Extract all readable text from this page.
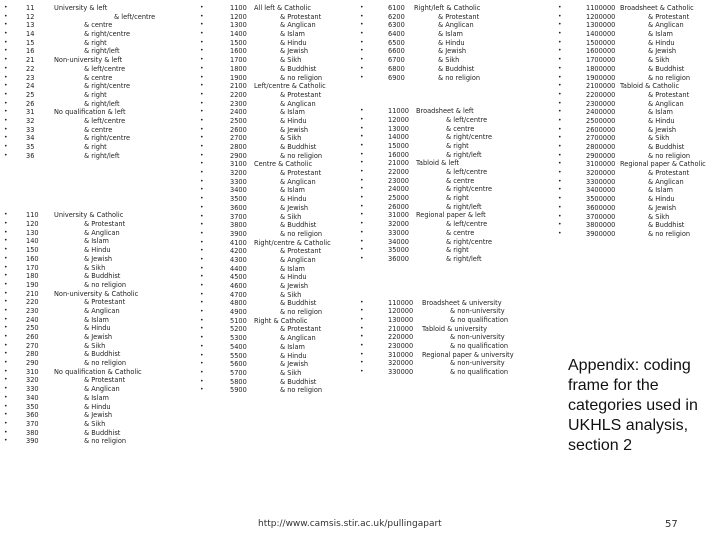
•	11	University & left
•	12	& left/centre
•	13	& centre
•	14	& right/centre
•	15	& right
•	16	& right/left
•	21	Non-university & left
•	22	& left/centre
•	23	& centre
•	24	& right/centre
•	25	& right
•	26	& right/left
•	31	No qualification & left
•	32	& left/centre
•	33	& centre
•	34	& right/centre
•	35	& right
•	36	& right/left
•	110 University & Catholic
•	120	& Protestant
•	130	& Anglican
•	140	& Islam
•	150	& Hindu
•	160	& Jewish
•	170	& Sikh
•	180	& Buddhist
•	190	& no religion
•	210 Non-university & Catholic
•	220	& Protestant
•	230	& Anglican
•	240	& Islam
•	250	& Hindu
•	260	& Jewish
•	270	& Sikh
•	280	& Buddhist
•	290	& no religion
•	310 No qualification & Catholic
•	320	& Protestant
•	330	& Anglican
•	340	& Islam
•	350	& Hindu
•	360	& Jewish
•	370	& Sikh
•	380	& Buddhist
•	390	& no religion
•	1100 All left & Catholic
•	1200	& Protestant
•	1300	& Anglican
•	1400	& Islam
•	1500	& Hindu
•	1600	& Jewish
•	1700	& Sikh
•	1800	& Buddhist
•	1900	& no religion
•	2100 Left/centre & Catholic
•	2200	& Protestant
•	2300	& Anglican
•	2400	& Islam
•	2500	& Hindu
•	2600	& Jewish
•	2700	& Sikh
•	2800	& Buddhist
•	2900	& no religion
•	3100 Centre & Catholic
•	3200	& Protestant
•	3300	& Anglican
•	3400	& Islam
•	3500	& Hindu
•	3600	& Jewish
•	3700	& Sikh
•	3800	& Buddhist
•	3900	& no religion
•	4100 Right/centre & Catholic
•	4200	& Protestant
•	4300	& Anglican
•	4400	& Islam
•	4500	& Hindu
•	4600	& Jewish
•	4700	& Sikh
•	4800	& Buddhist
•	4900	& no religion
•	5100 Right & Catholic
•	5200	& Protestant
•	5300	& Anglican
•	5400	& Islam
•	5500	& Hindu
•	5600	& Jewish
•	5700	& Sikh
•	5800	& Buddhist
•	5900	& no religion
•	6100 Right/left & Catholic
•	6200	& Protestant
•	6300	& Anglican
•	6400	& Islam
•	6500	& Hindu
•	6600	& Jewish
•	6700	& Sikh
•	6800	& Buddhist
•	6900	& no religion
•	11000 Broadsheet & left
•	12000	& left/centre
•	13000	& centre
•	14000	& right/centre
•	15000	& right
•	16000	& right/left
•	21000 Tabloid & left
•	22000	& left/centre
•	23000	& centre
•	24000	& right/centre
•	25000	& right
•	26000	& right/left
•	31000 Regional paper & left
•	32000	& left/centre
•	33000	& centre
•	34000	& right/centre
•	35000	& right
•	36000	& right/left
•	110000 Broadsheet & university
•	120000	& non-university
•	130000	& no qualification
•	210000 Tabloid & university
•	220000	& non-university
•	230000	& no qualification
•	310000 Regional paper & university
•	320000	& non-university
•	330000	& no qualification
•	1100000 Broadsheet & Catholic
•	1200000	& Protestant
•	1300000	& Anglican
•	1400000	& Islam
•	1500000	& Hindu
•	1600000	& Jewish
•	1700000	& Sikh
•	1800000	& Buddhist
•	1900000	& no religion
•	2100000 Tabloid & Catholic
•	2200000	& Protestant
•	2300000	& Anglican
•	2400000	& Islam
•	2500000	& Hindu
•	2600000	& Jewish
•	2700000	& Sikh
•	2800000	& Buddhist
•	2900000	& no religion
•	3100000 Regional paper & Catholic
•	3200000	& Protestant
•	3300000	& Anglican
•	3400000	& Islam
•	3500000	& Hindu
•	3600000	& Jewish
•	3700000	& Sikh
•	3800000	& Buddhist
•	3900000	& no religion
Appendix: coding frame for the categories used in UKHLS analysis, section 2
http://www.camsis.stir.ac.uk/pullingapart	57
